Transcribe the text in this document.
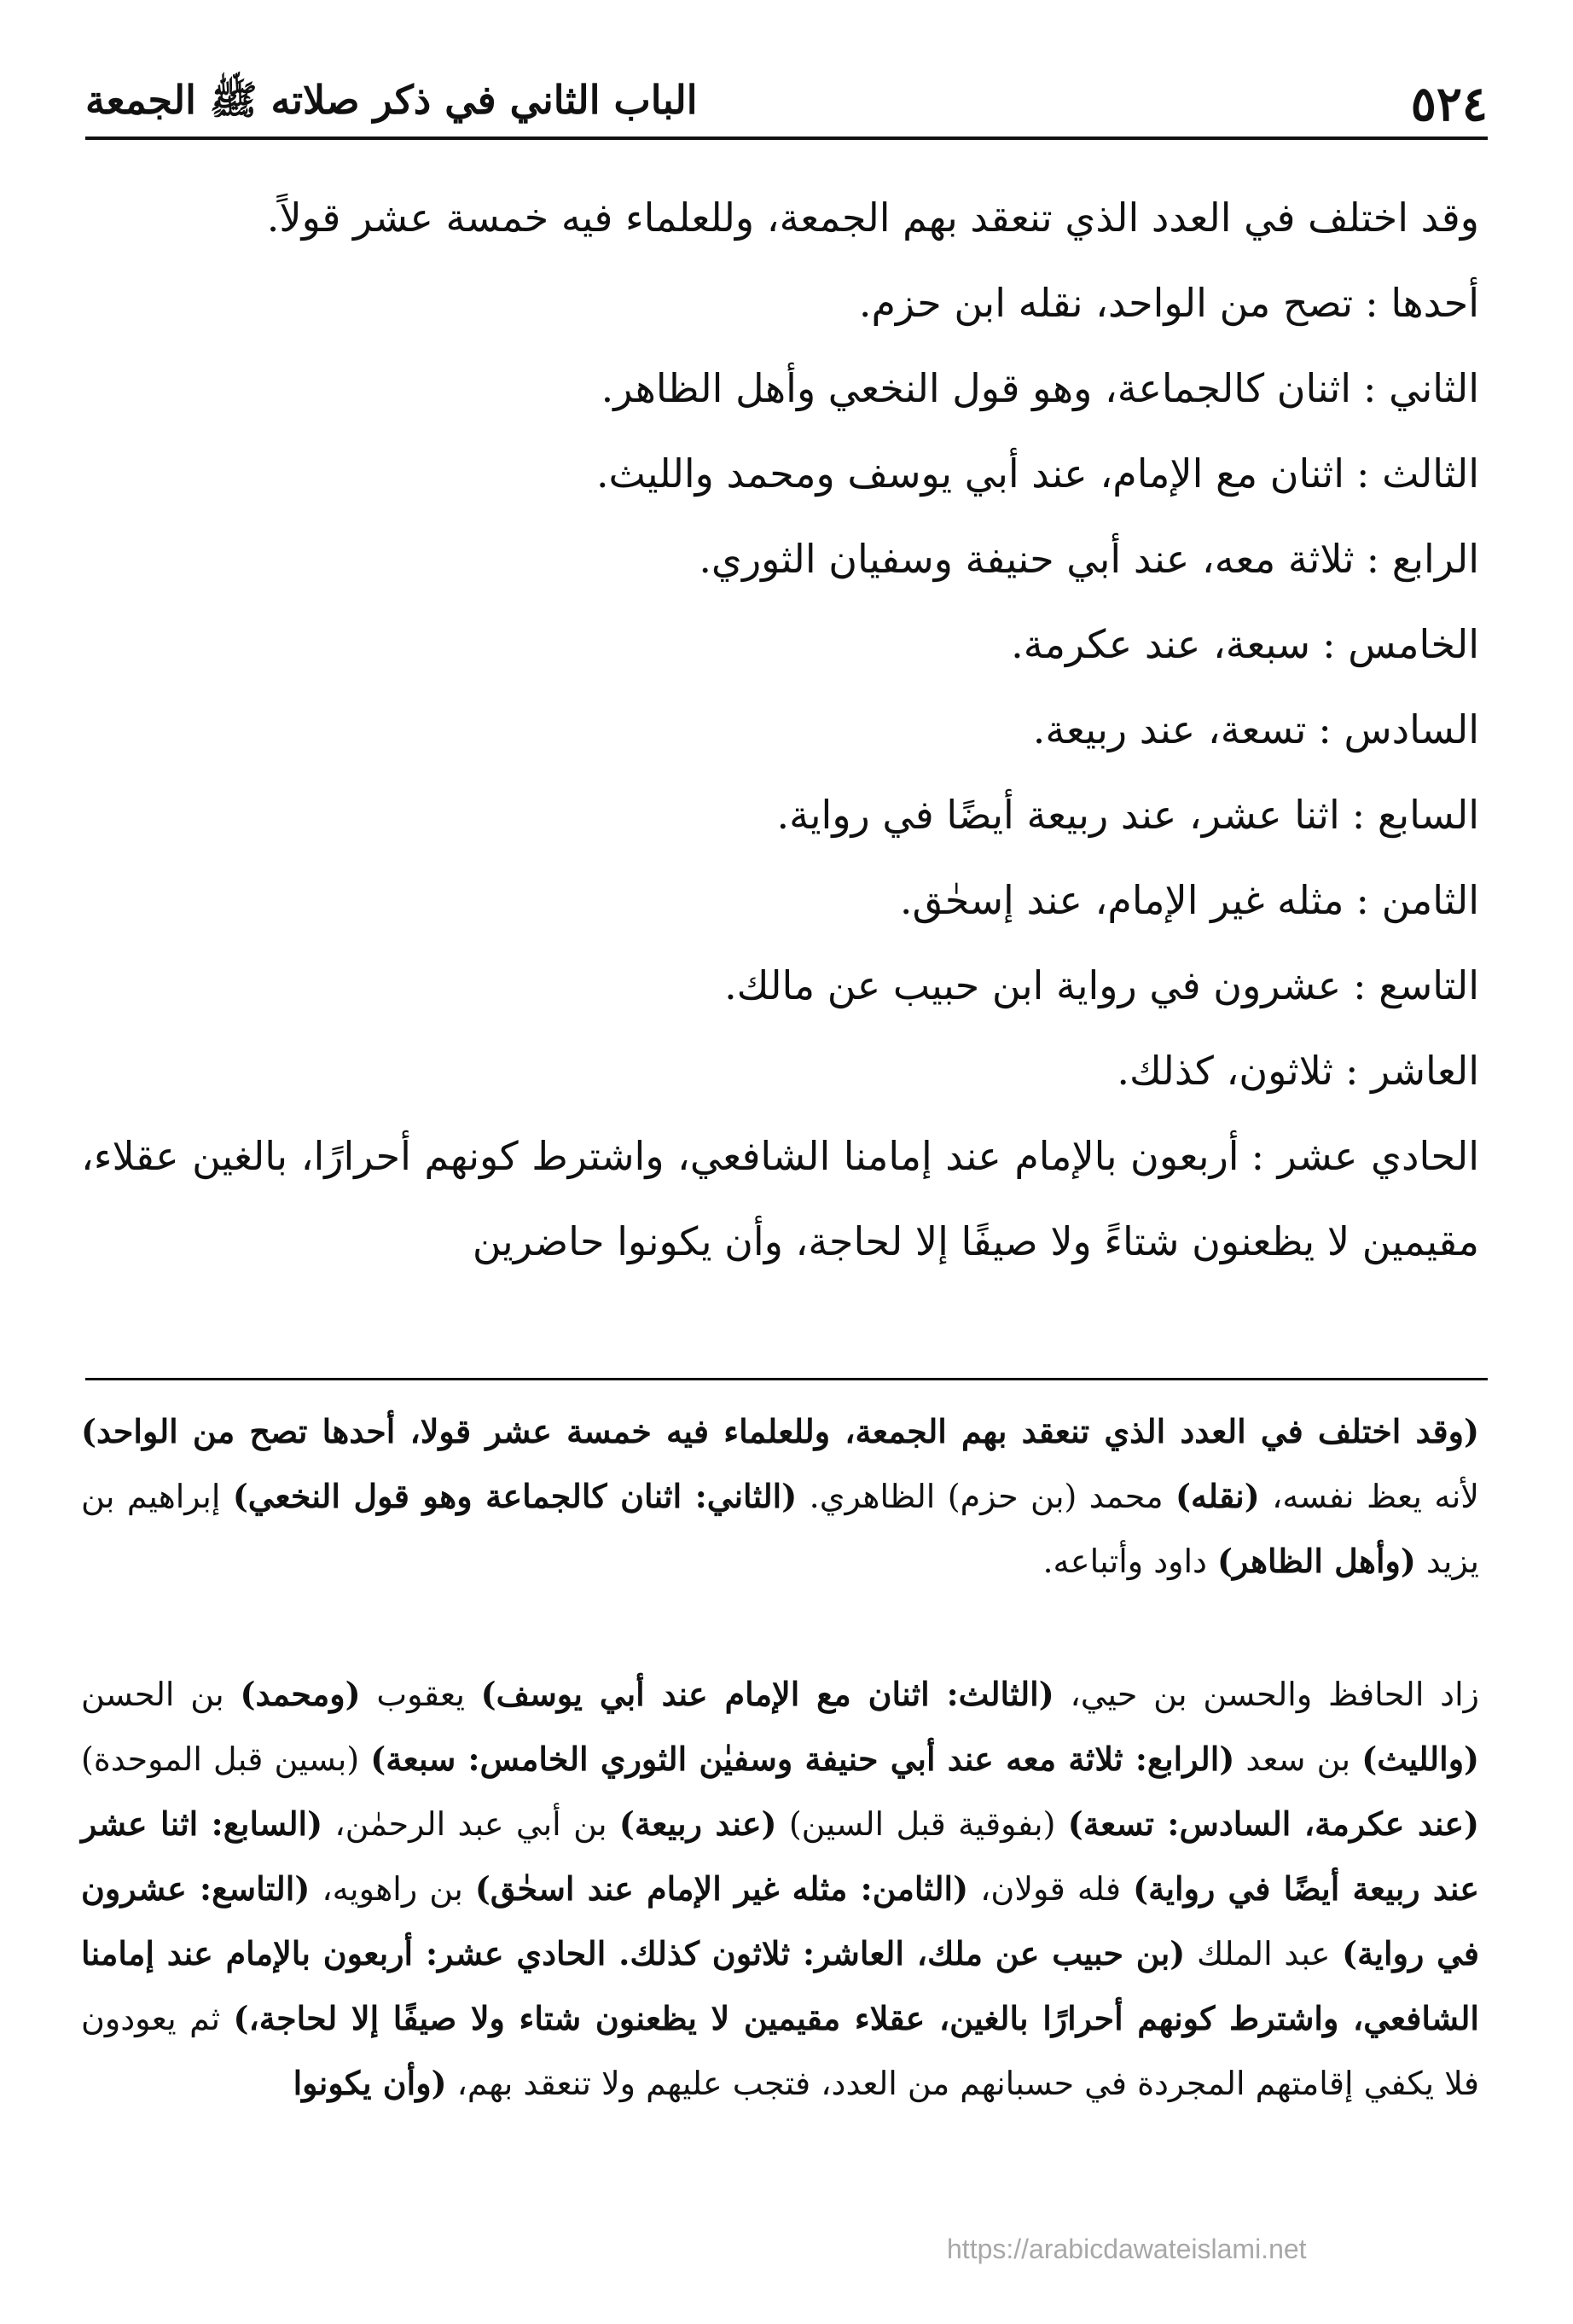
٥٢٤
الباب الثاني في ذكر صلاته ﷺ الجمعة

وقد اختلف في العدد الذي تنعقد بهم الجمعة، وللعلماء فيه خمسة عشر قولاً.

أحدها :تصح من الواحد، نقله ابن حزم.

الثاني :اثنان كالجماعة، وهو قول النخعي وأهل الظاهر.

الثالث :اثنان مع الإمام، عند أبي يوسف ومحمد والليث.

الرابع :ثلاثة معه، عند أبي حنيفة وسفيان الثوري.

الخامس :سبعة، عند عكرمة.

السادس :تسعة، عند ربيعة.

السابع :اثنا عشر، عند ربيعة أيضًا في رواية.

الثامن :مثله غير الإمام، عند إسحٰق.

التاسع :عشرون في رواية ابن حبيب عن مالك.

العاشر :ثلاثون، كذلك.

الحادي عشر :أربعون بالإمام عند إمامنا الشافعي، واشترط كونهم أحرارًا، بالغين عقلاء، مقيمين لا يظعنون شتاءً ولا صيفًا إلا لحاجة، وأن يكونوا حاضرين

(وقد اختلف في العدد الذي تنعقد بهم الجمعة، وللعلماء فيه خمسة عشر قولا، أحدها تصح من الواحد) لأنه يعظ نفسه، (نقله) محمد (بن حزم) الظاهري. (الثاني: اثنان كالجماعة وهو قول النخعي) إبراهيم بن يزيد (وأهل الظاهر) داود وأتباعه.

زاد الحافظ والحسن بن حيي، (الثالث: اثنان مع الإمام عند أبي يوسف) يعقوب (ومحمد) بن الحسن (والليث) بن سعد (الرابع: ثلاثة معه عند أبي حنيفة وسفيٰن الثوري الخامس: سبعة) (بسين قبل الموحدة) (عند عكرمة، السادس: تسعة) (بفوقية قبل السين) (عند ربيعة) بن أبي عبد الرحمٰن، (السابع: اثنا عشر عند ربيعة أيضًا في رواية) فله قولان، (الثامن: مثله غير الإمام عند اسحٰق) بن راهويه، (التاسع: عشرون في رواية) عبد الملك (بن حبيب عن ملك، العاشر: ثلاثون كذلك. الحادي عشر: أربعون بالإمام عند إمامنا الشافعي، واشترط كونهم أحرارًا بالغين، عقلاء مقيمين لا يظعنون شتاء ولا صيفًا إلا لحاجة،) ثم يعودون فلا يكفي إقامتهم المجردة في حسبانهم من العدد، فتجب عليهم ولا تنعقد بهم، (وأن يكونوا

https://arabicdawateislami.net
